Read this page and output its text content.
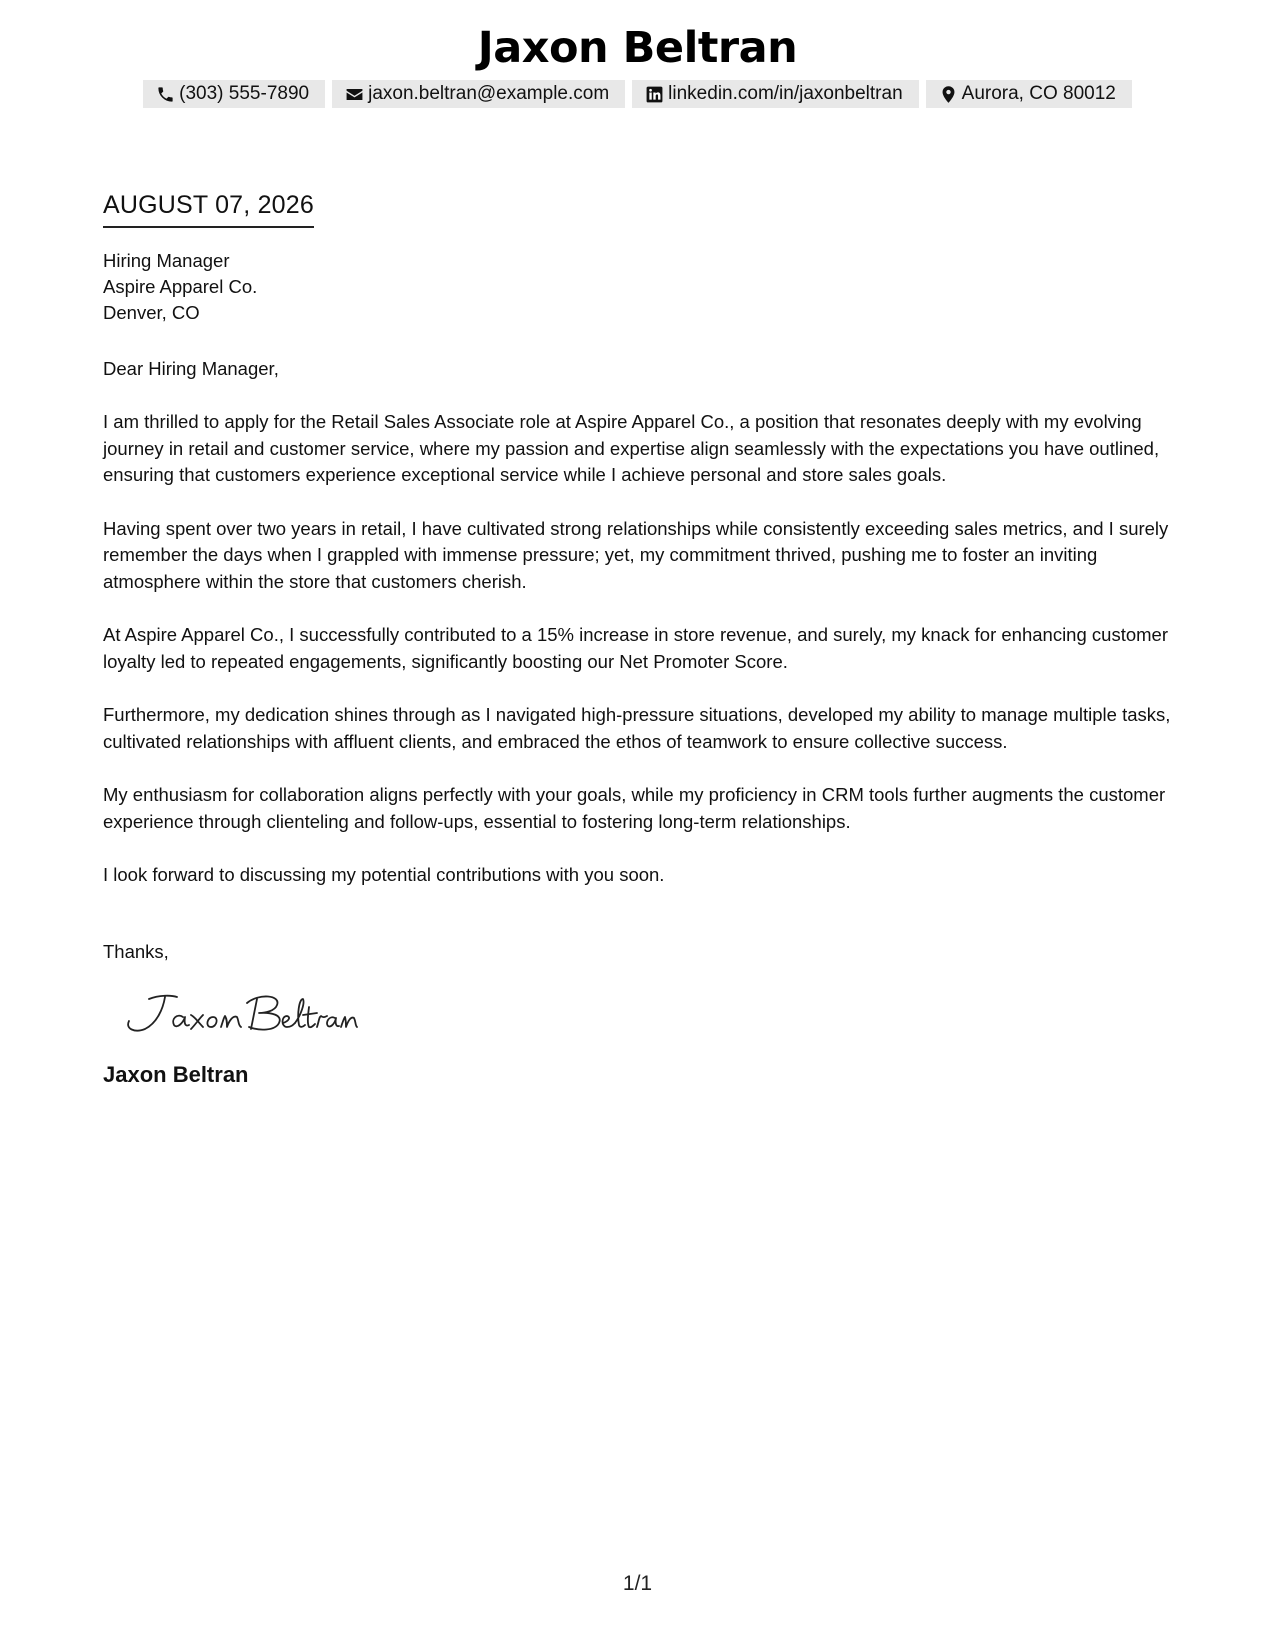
Jaxon Beltran
(303) 555-7890	jaxon.beltran@example.com	linkedin.com/in/jaxonbeltran	Aurora, CO 80012
AUGUST 07, 2026
Hiring Manager
Aspire Apparel Co.
Denver, CO
Dear Hiring Manager,

I am thrilled to apply for the Retail Sales Associate role at Aspire Apparel Co., a position that resonates deeply with my evolving journey in retail and customer service, where my passion and expertise align seamlessly with the expectations you have outlined, ensuring that customers experience exceptional service while I achieve personal and store sales goals.

Having spent over two years in retail, I have cultivated strong relationships while consistently exceeding sales metrics, and I surely remember the days when I grappled with immense pressure; yet, my commitment thrived, pushing me to foster an inviting atmosphere within the store that customers cherish.

At Aspire Apparel Co., I successfully contributed to a 15% increase in store revenue, and surely, my knack for enhancing customer loyalty led to repeated engagements, significantly boosting our Net Promoter Score.

Furthermore, my dedication shines through as I navigated high-pressure situations, developed my ability to manage multiple tasks, cultivated relationships with affluent clients, and embraced the ethos of teamwork to ensure collective success.

My enthusiasm for collaboration aligns perfectly with your goals, while my proficiency in CRM tools further augments the customer experience through clienteling and follow-ups, essential to fostering long-term relationships.

I look forward to discussing my potential contributions with you soon.

Thanks,
Jaxon Beltran
1/1
